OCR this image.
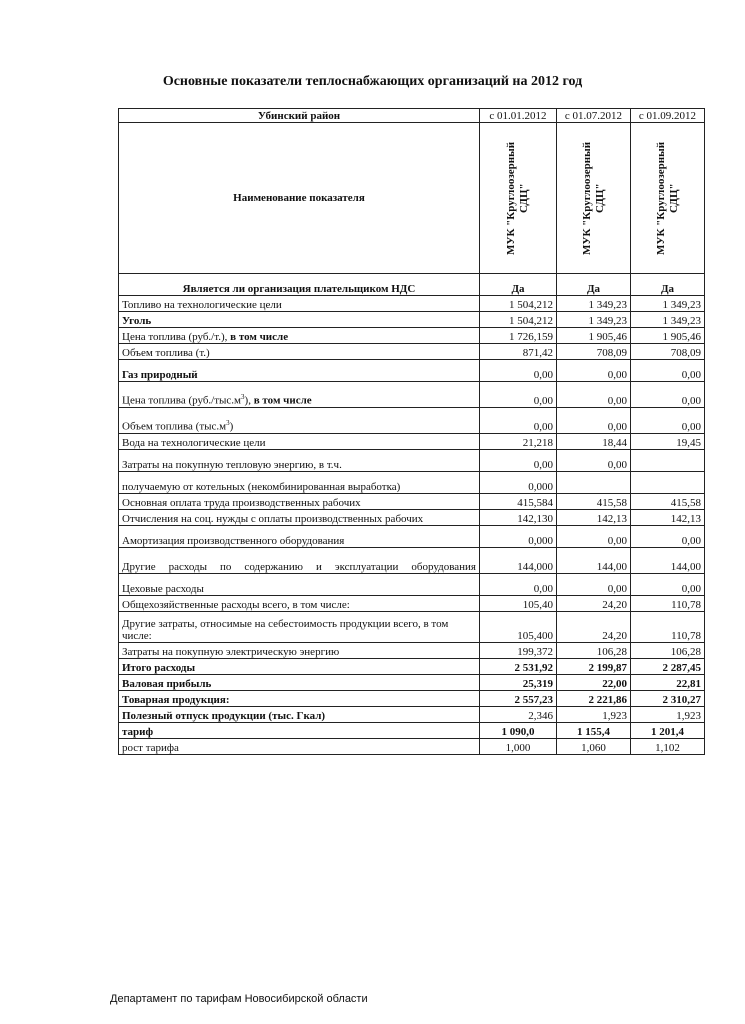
Основные показатели теплоснабжающих организаций на 2012 год
Убинский район	с 01.01.2012	с 01.07.2012	с 01.09.2012
Наименование показателя	МУК "Круглоозерный СДЦ"	МУК "Круглоозерный СДЦ"	МУК "Круглоозерный СДЦ"

Является ли организация плательщиком НДС	Да	Да	Да
Топливо на технологические цели	1 504,212	1 349,23	1 349,23
Уголь	1 504,212	1 349,23	1 349,23
Цена топлива (руб./т.), в том числе	1 726,159	1 905,46	1 905,46
Объем топлива (т.)	871,42	708,09	708,09
Газ природный	0,00	0,00	0,00
Цена топлива $(руб./тыс.м^3)$, в том числе	0,00	0,00	0,00
Объем топлива $(тыс.м^3)$	0,00	0,00	0,00
Вода на технологические цели	21,218	18,44	19,45
Затраты на покупную тепловую энергию, в т.ч.	0,00	0,00	
получаемую от котельных (некомбинированная выработка)	0,000		
Основная оплата труда производственных рабочих	415,584	415,58	415,58
Отчисления на соц. нужды с оплаты производственных рабочих	142,130	142,13	142,13
Амортизация производственного оборудования	0,000	0,00	0,00
Другие расходы по содержанию и эксплуатации оборудования	144,000	144,00	144,00
Цеховые расходы	0,00	0,00	0,00
Общехозяйственные расходы всего, в том числе:	105,40	24,20	110,78
Другие затраты, относимые на себестоимость продукции всего, в том числе:	105,400	24,20	110,78
Затраты на покупную электрическую энергию	199,372	106,28	106,28
Итого расходы	2 531,92	2 199,87	2 287,45
Валовая прибыль	25,319	22,00	22,81
Товарная продукция:	2 557,23	2 221,86	2 310,27
Полезный отпуск продукции (тыс. Гкал)	2,346	1,923	1,923
тариф	1 090,0	1 155,4	1 201,4
рост тарифа	1,000	1,060	1,102
Департамент по тарифам Новосибирской области
